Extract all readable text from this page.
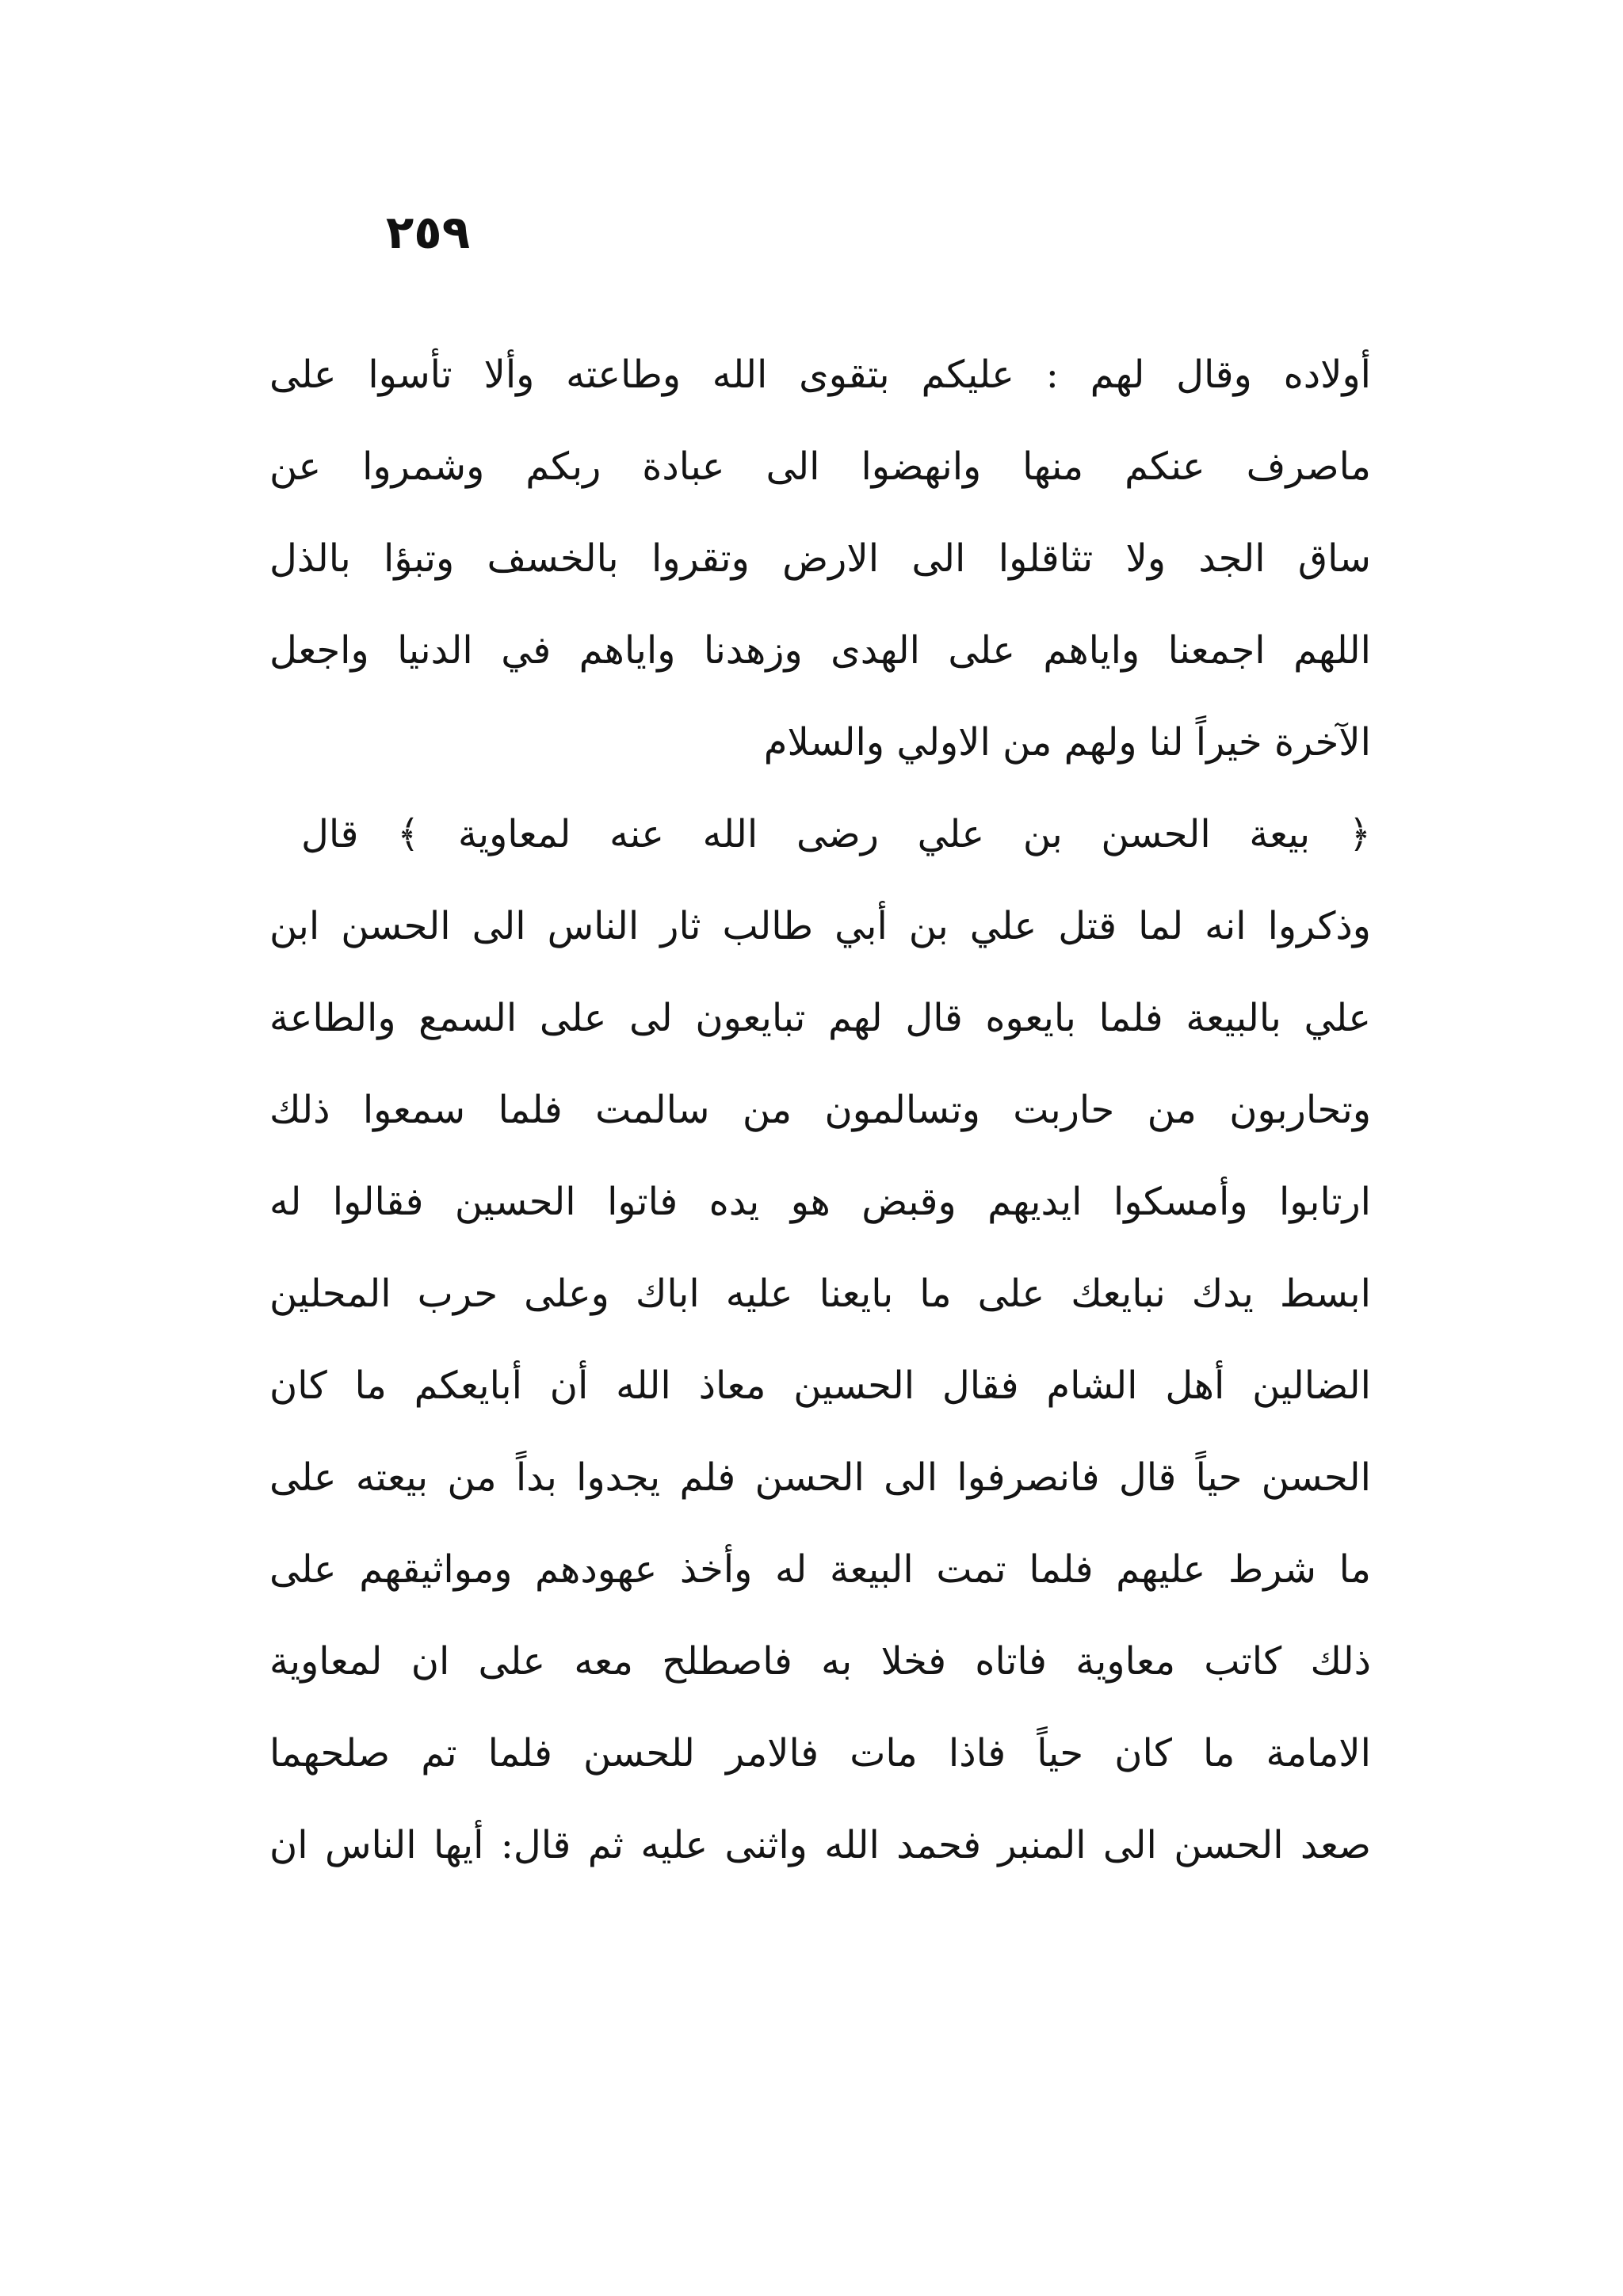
٢٥٩
أولاده وقال لهم : عليكم بتقوى الله وطاعته وألا تأسوا على
ماصرف عنكم منها وانهضوا الى عبادة ربكم وشمروا عن
ساق الجد ولا تثاقلوا الى الارض وتقروا بالخسف وتبؤا بالذل
اللهم اجمعنا واياهم على الهدى وزهدنا واياهم في الدنيا واجعل
الآخرة خيراً لنا ولهم من الاولي والسلام
﴿ بيعة الحسن بن علي رضى الله عنه لمعاوية ﴾ قال
وذكروا انه لما قتل علي بن أبي طالب ثار الناس الى الحسن ابن
علي بالبيعة فلما بايعوه قال لهم تبايعون لى على السمع والطاعة
وتحاربون من حاربت وتسالمون من سالمت فلما سمعوا ذلك
ارتابوا وأمسكوا ايديهم وقبض هو يده فاتوا الحسين فقالوا له
ابسط يدك نبايعك على ما بايعنا عليه اباك وعلى حرب المحلين
الضالين أهل الشام فقال الحسين معاذ الله أن أبايعكم ما كان
الحسن حياً قال فانصرفوا الى الحسن فلم يجدوا بداً من بيعته على
ما شرط عليهم فلما تمت البيعة له وأخذ عهودهم ومواثيقهم على
ذلك كاتب معاوية فاتاه فخلا به فاصطلح معه على ان لمعاوية
الامامة ما كان حياً فاذا مات فالامر للحسن فلما تم صلحهما
صعد الحسن الى المنبر فحمد الله واثنى عليه ثم قال: أيها الناس ان
